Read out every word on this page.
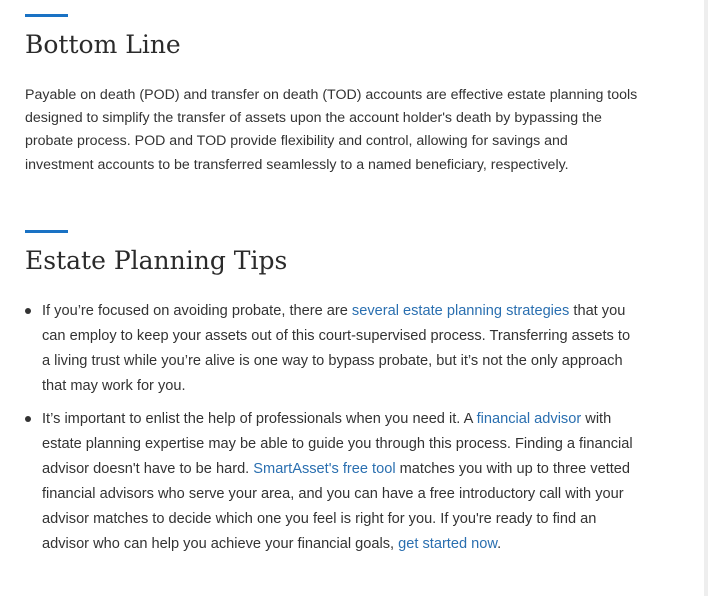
Bottom Line

Payable on death (POD) and transfer on death (TOD) accounts are effective estate planning tools designed to simplify the transfer of assets upon the account holder's death by bypassing the probate process. POD and TOD provide flexibility and control, allowing for savings and investment accounts to be transferred seamlessly to a named beneficiary, respectively.

Estate Planning Tips
If you’re focused on avoiding probate, there are several estate planning strategies that you can employ to keep your assets out of this court-supervised process. Transferring assets to a living trust while you’re alive is one way to bypass probate, but it’s not the only approach that may work for you.
It’s important to enlist the help of professionals when you need it. A financial advisor with estate planning expertise may be able to guide you through this process. Finding a financial advisor doesn't have to be hard. SmartAsset's free tool matches you with up to three vetted financial advisors who serve your area, and you can have a free introductory call with your advisor matches to decide which one you feel is right for you. If you're ready to find an advisor who can help you achieve your financial goals, get started now.
